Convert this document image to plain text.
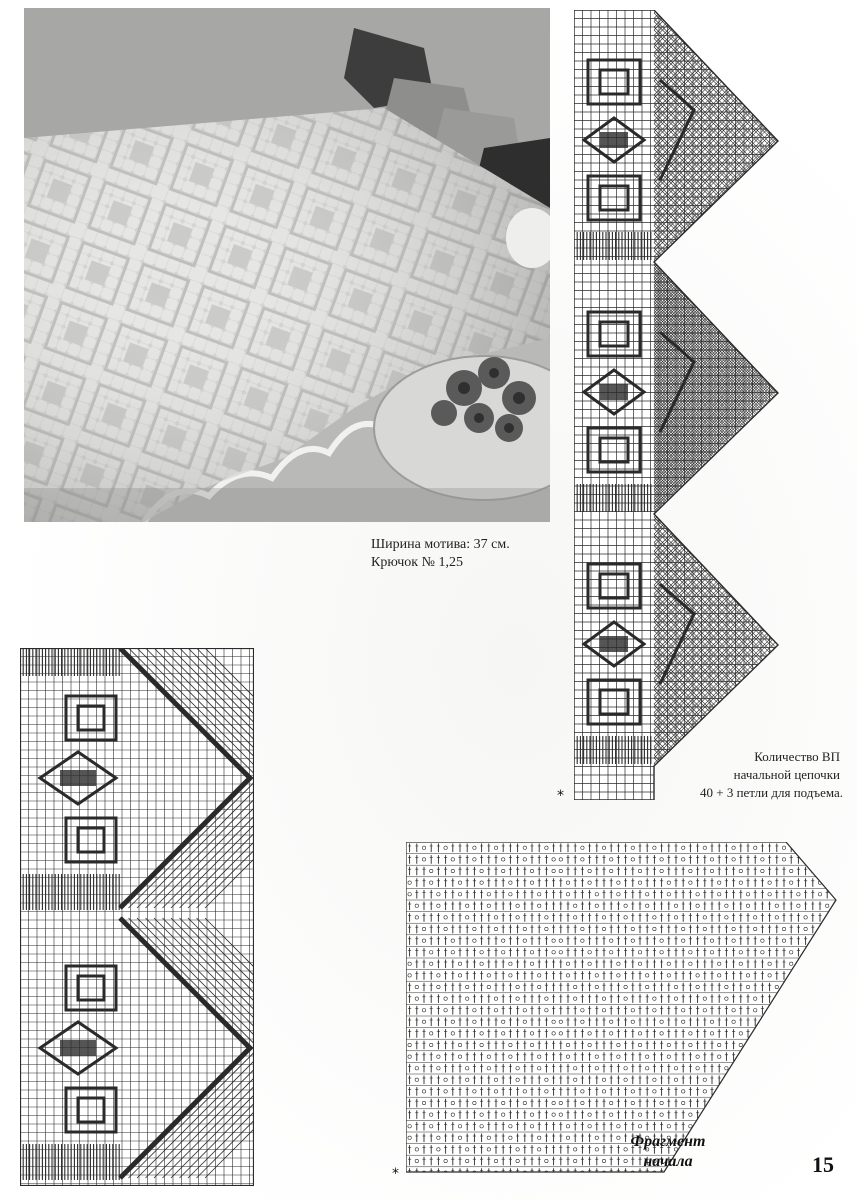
Ширина мотива: 37 см.
Крючок № 1,25
Количество ВП
начальной цепочки
40 + 3 петли для подъема.
*
*
Фрагмент
начала	15
